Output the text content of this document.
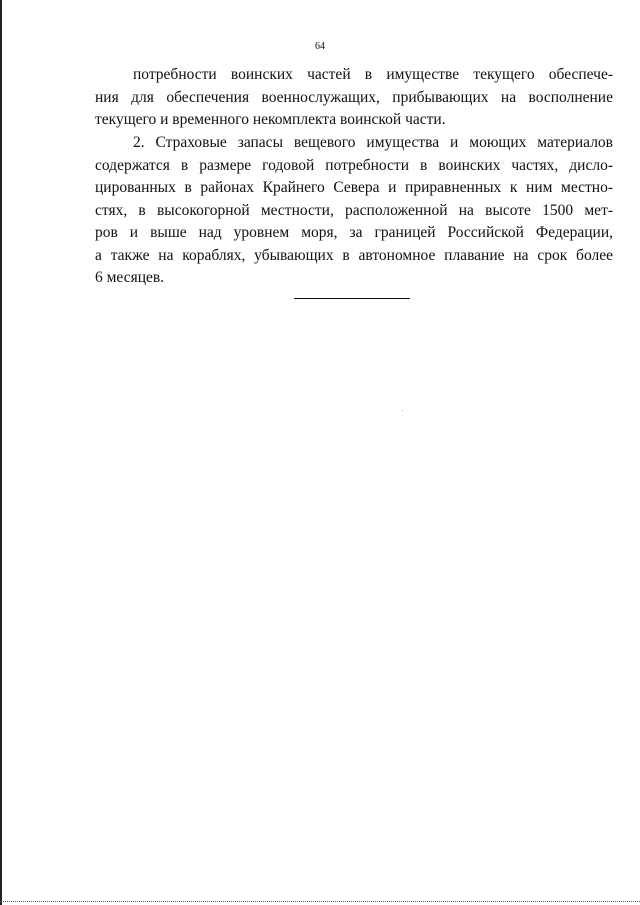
64
потребности воинских частей в имуществе текущего обеспече-
ния для обеспечения военнослужащих, прибывающих на восполнение
текущего и временного некомплекта воинской части.
2. Страховые запасы вещевого имущества и моющих материалов
содержатся в размере годовой потребности в воинских частях, дисло-
цированных в районах Крайнего Севера и приравненных к ним местно-
стях, в высокогорной местности, расположенной на высоте 1500 мет-
ров и выше над уровнем моря, за границей Российской Федерации,
а также на кораблях, убывающих в автономное плавание на срок более
6 месяцев.
